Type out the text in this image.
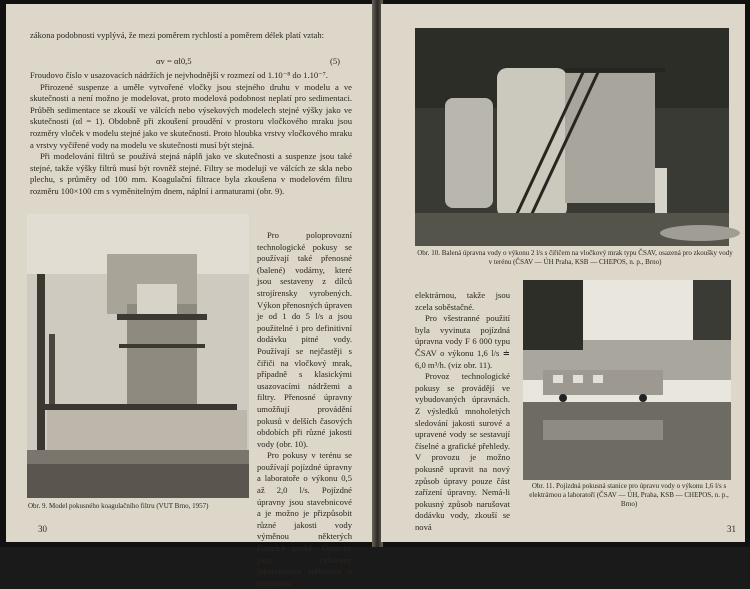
zákona podobnosti vyplývá, že mezi poměrem rychlostí a poměrem délek platí vztah:

αv = αl0,5	(5)

Froudovo číslo v usazovacích nádržích je nejvhodnější v rozmezí od 1.10⁻⁸ do 1.10⁻⁷.

Přirozené suspenze a uměle vytvořené vločky jsou stejného druhu v modelu a ve skutečnosti a není možno je modelovat, proto modelová podobnost neplatí pro sedimentaci. Průběh sedimentace se zkouší ve válcích nebo výsekových modelech stejné výšky jako ve skutečnosti (αl = 1). Obdobně při zkoušení proudění v prostoru vločkového mraku jsou rozměry vloček v modelu stejné jako ve skutečnosti. Proto hloubka vrstvy vločkového mraku a vrstvy vyčiřené vody na modelu ve skutečnosti musí být stejná.

Při modelování filtrů se používá stejná náplň jako ve skutečnosti a suspenze jsou také stejné, takže výšky filtrů musí být rovněž stejné. Filtry se modelují ve válcích ze skla nebo plechu, s průměry od 100 mm. Koagulační filtrace byla zkoušena v modelovém filtru rozměru 100×100 cm s vyměnitelným dnem, náplní i armaturami (obr. 9).

Pro poloprovozní technologické pokusy se používají také přenosné (balené) vodárny, které jsou sestaveny z dílců strojírensky vyrobených. Výkon přenosných úpraven je od 1 do 5 l/s a jsou použitelné i pro definitivní dodávku pitné vody. Používají se nejčastěji s čiřiči na vločkový mrak, případně s klasickými usazovacími nádržemi a filtry. Přenosné úpravny umožňují provádění pokusů v delších časových obdobích při různé jakosti vody (obr. 10).

Pro pokusy v terénu se používají pojízdné úpravny a laboratoře o výkonu 0,5 až 2,0 l/s. Pojízdné úpravny jsou stavebnicové a je možno je přizpůsobit různé jakosti vody výměnou některých čisticích prvků. Úpravny jsou vybaveny laboratorním zařízením a pojízdnou

Obr. 9. Model pokusného koagulačního filtru (VUT Brno, 1957)
30
Obr. 10. Balená úpravna vody o výkonu 2 l/s s čiřičem na vločkový mrak typu ČSAV, osazená pro zkoušky vody v terénu (ČSAV — ÚH Praha, KSB — CHEPOS, n. p., Brno)

elektrárnou, takže jsou zcela soběstačné.

Pro všestranné použití byla vyvinuta pojízdná úpravna vody F 6 000 typu ČSAV o výkonu 1,6 l/s ≐ 6,0 m³/h. (viz obr. 11).

Provoz technologické pokusy se provádějí ve vybudovaných úpravnách. Z výsledků mnoholetých sledování jakosti surové a upravené vody se sestavují číselné a grafické přehledy. V provozu je možno pokusně upravit na nový způsob úpravy pouze část zařízení úpravny. Nemá-li pokusný způsob narušovat dodávku vody, zkouší se nová

Obr. 11. Pojízdná pokusná stanice pro úpravu vody o výkonu 1,6 l/s s elektrárnou a laboratoří (ČSAV — ÚH, Praha, KSB — CHEPOS, n. p., Brno)
31
